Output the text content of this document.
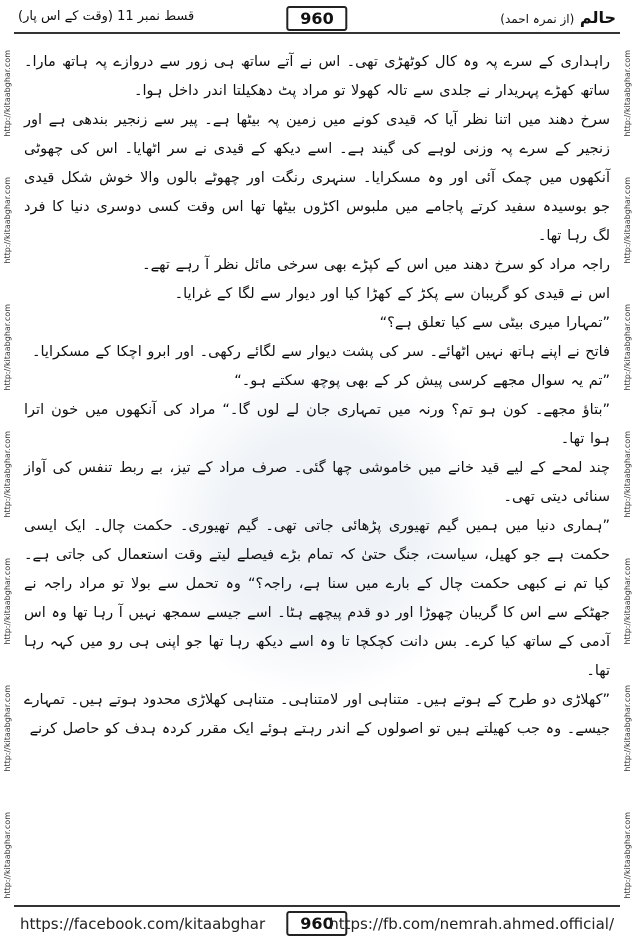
قسط نمبر 11 (وقت کے اس پار)	960	حالم (از نمرہ احمد)
http://kitaabghar.com
http://kitaabghar.com
http://kitaabghar.com
http://kitaabghar.com
http://kitaabghar.com
http://kitaabghar.com
http://kitaabghar.com
http://kitaabghar.com
http://kitaabghar.com
http://kitaabghar.com
http://kitaabghar.com
http://kitaabghar.com
http://kitaabghar.com
http://kitaabghar.com

راہداری کے سرے پہ وہ کال کوٹھڑی تھی۔ اس نے آتے ساتھ ہی زور سے دروازے پہ ہاتھ مارا۔ ساتھ کھڑے پہریدار نے جلدی سے تالہ کھولا تو مراد پٹ دھکیلتا اندر داخل ہوا۔

سرخ دھند میں اتنا نظر آیا کہ قیدی کونے میں زمین پہ بیٹھا ہے۔ پیر سے زنجیر بندھی ہے اور زنجیر کے سرے پہ وزنی لوہے کی گیند ہے۔ اسے دیکھ کے قیدی نے سر اٹھایا۔ اس کی چھوٹی آنکھوں میں چمک آئی اور وہ مسکرایا۔ سنہری رنگت اور چھوٹے بالوں والا خوش شکل قیدی جو بوسیدہ سفید کرتے پاجامے میں ملبوس اکڑوں بیٹھا تھا اس وقت کسی دوسری دنیا کا فرد لگ رہا تھا۔

راجہ مراد کو سرخ دھند میں اس کے کپڑے بھی سرخی مائل نظر آ رہے تھے۔

اس نے قیدی کو گریبان سے پکڑ کے کھڑا کیا اور دیوار سے لگا کے غرایا۔

”تمہارا میری بیٹی سے کیا تعلق ہے؟“

فاتح نے اپنے ہاتھ نہیں اٹھائے۔ سر کی پشت دیوار سے لگائے رکھی۔ اور ابرو اچکا کے مسکرایا۔

”تم یہ سوال مجھے کرسی پیش کر کے بھی پوچھ سکتے ہو۔“

”بتاؤ مجھے۔ کون ہو تم؟ ورنہ میں تمہاری جان لے لوں گا۔“ مراد کی آنکھوں میں خون اترا ہوا تھا۔

چند لمحے کے لیے قید خانے میں خاموشی چھا گئی۔ صرف مراد کے تیز، بے ربط تنفس کی آواز سنائی دیتی تھی۔

”ہماری دنیا میں ہمیں گیم تھیوری پڑھائی جاتی تھی۔ گیم تھیوری۔ حکمت چال۔ ایک ایسی حکمت ہے جو کھیل، سیاست، جنگ حتیٰ کہ تمام بڑے فیصلے لیتے وقت استعمال کی جاتی ہے۔ کیا تم نے کبھی حکمت چال کے بارے میں سنا ہے، راجہ؟“ وہ تحمل سے بولا تو مراد راجہ نے جھٹکے سے اس کا گریبان چھوڑا اور دو قدم پیچھے ہٹا۔ اسے جیسے سمجھ نہیں آ رہا تھا وہ اس آدمی کے ساتھ کیا کرے۔ بس دانت کچکچا تا وہ اسے دیکھ رہا تھا جو اپنی ہی رو میں کہہ رہا تھا۔

”کھلاڑی دو طرح کے ہوتے ہیں۔ متناہی اور لامتناہی۔ متناہی کھلاڑی محدود ہوتے ہیں۔ تمہارے جیسے۔ وہ جب کھیلتے ہیں تو اصولوں کے اندر رہتے ہوئے ایک مقرر کردہ ہدف کو حاصل کرنے

https://facebook.com/kitaabghar	960
https://fb.com/nemrah.ahmed.official/
